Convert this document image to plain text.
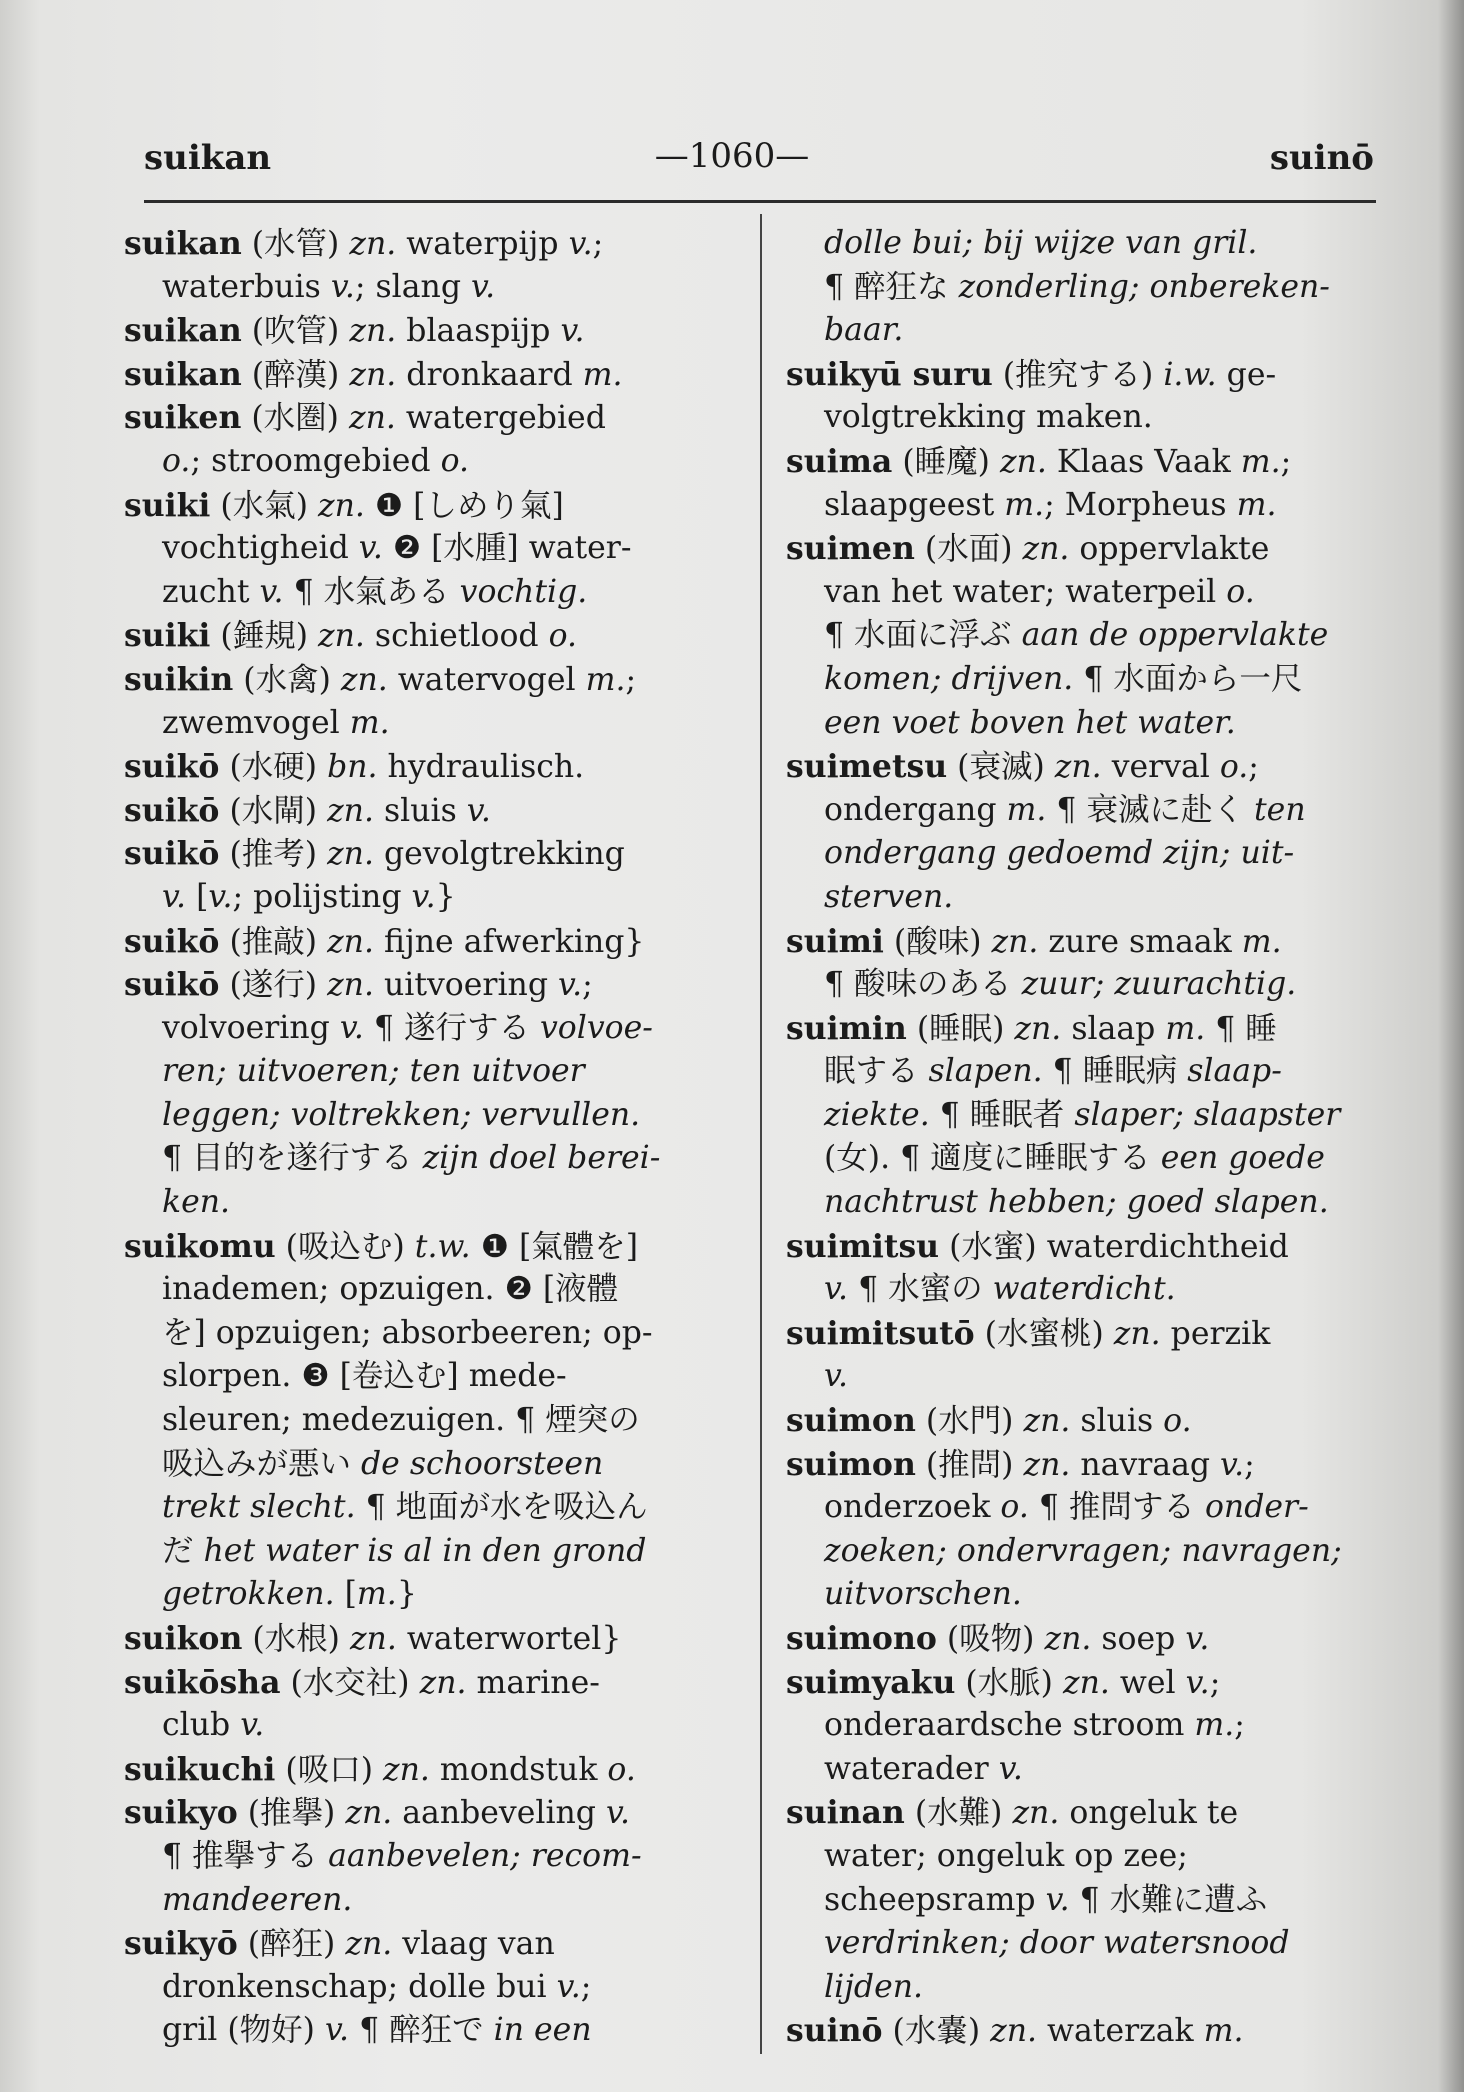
suikan	—1060—	suinō
suikan (水管) zn. waterpijp v.;
waterbuis v.; slang v.
suikan (吹管) zn. blaaspijp v.
suikan (醉漢) zn. dronkaard m.
suiken (水圏) zn. watergebied
o.; stroomgebied o.
suiki (水氣) zn. ❶ [しめり氣]
vochtigheid v. ❷ [水腫] water-
zucht v. ¶ 水氣ある vochtig.
suiki (錘規) zn. schietlood o.
suikin (水禽) zn. watervogel m.;
zwemvogel m.
suikō (水硬) bn. hydraulisch.
suikō (水閘) zn. sluis v.
suikō (推考) zn. gevolgtrekking
v. [v.; polijsting v.}
suikō (推敲) zn. fijne afwerking}
suikō (遂行) zn. uitvoering v.;
volvoering v. ¶ 遂行する volvoe-
ren; uitvoeren; ten uitvoer
leggen; voltrekken; vervullen.
¶ 目的を遂行する zijn doel berei-
ken.
suikomu (吸込む) t.w. ❶ [氣體を]
inademen; opzuigen. ❷ [液體
を] opzuigen; absorbeeren; op-
slorpen. ❸ [卷込む] mede-
sleuren; medezuigen. ¶ 煙突の
吸込みが悪い de schoorsteen
trekt slecht. ¶ 地面が水を吸込ん
だ het water is al in den grond
getrokken. [m.}
suikon (水根) zn. waterwortel}
suikōsha (水交社) zn. marine-
club v.
suikuchi (吸口) zn. mondstuk o.
suikyo (推擧) zn. aanbeveling v.
¶ 推擧する aanbevelen; recom-
mandeeren.
suikyō (醉狂) zn. vlaag van
dronkenschap; dolle bui v.;
gril (物好) v. ¶ 醉狂で in een
dolle bui; bij wijze van gril.
¶ 醉狂な zonderling; onbereken-
baar.
suikyū suru (推究する) i.w. ge-
volgtrekking maken.
suima (睡魔) zn. Klaas Vaak m.;
slaapgeest m.; Morpheus m.
suimen (水面) zn. oppervlakte
van het water; waterpeil o.
¶ 水面に浮ぶ aan de oppervlakte
komen; drijven. ¶ 水面から一尺
een voet boven het water.
suimetsu (衰滅) zn. verval o.;
ondergang m. ¶ 衰滅に赴く ten
ondergang gedoemd zijn; uit-
sterven.
suimi (酸味) zn. zure smaak m.
¶ 酸味のある zuur; zuurachtig.
suimin (睡眠) zn. slaap m. ¶ 睡
眠する slapen. ¶ 睡眠病 slaap-
ziekte. ¶ 睡眠者 slaper; slaapster
(女). ¶ 適度に睡眠する een goede
nachtrust hebben; goed slapen.
suimitsu (水蜜) waterdichtheid
v. ¶ 水蜜の waterdicht.
suimitsutō (水蜜桃) zn. perzik
v.
suimon (水門) zn. sluis o.
suimon (推問) zn. navraag v.;
onderzoek o. ¶ 推問する onder-
zoeken; ondervragen; navragen;
uitvorschen.
suimono (吸物) zn. soep v.
suimyaku (水脈) zn. wel v.;
onderaardsche stroom m.;
waterader v.
suinan (水難) zn. ongeluk te
water; ongeluk op zee;
scheepsramp v. ¶ 水難に遭ふ
verdrinken; door watersnood
lijden.
suinō (水嚢) zn. waterzak m.
